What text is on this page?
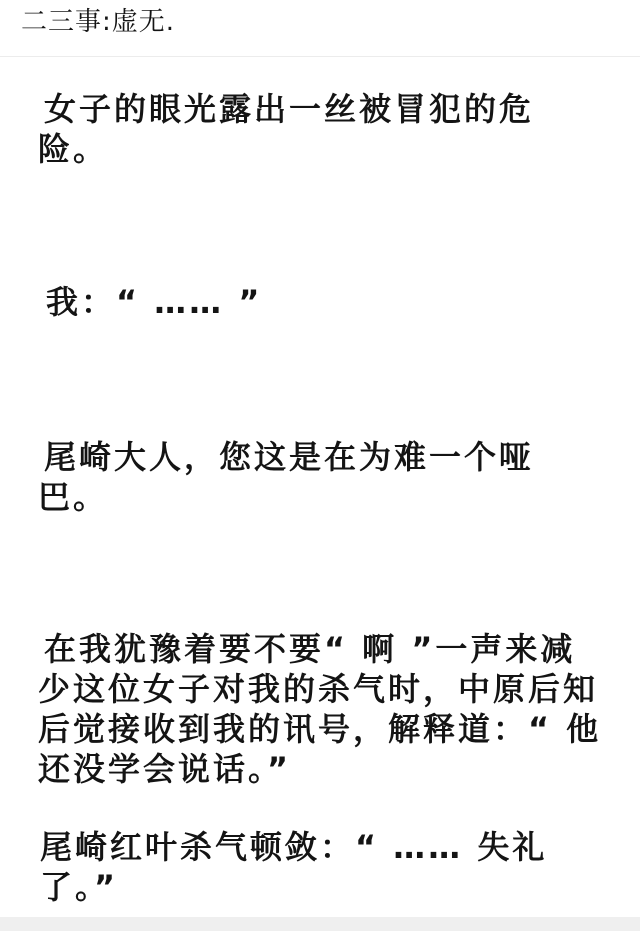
二三事:虚无.
女子的眼光露出一丝被冒犯的危
险。
我：“ …… ”
尾崎大人，您这是在为难一个哑
巴。
在我犹豫着要不要“ 啊 ”一声来减
少这位女子对我的杀气时，中原后知
后觉接收到我的讯号，解释道：“ 他
还没学会说话。”
尾崎红叶杀气顿敛：“ …… 失礼
了。”
